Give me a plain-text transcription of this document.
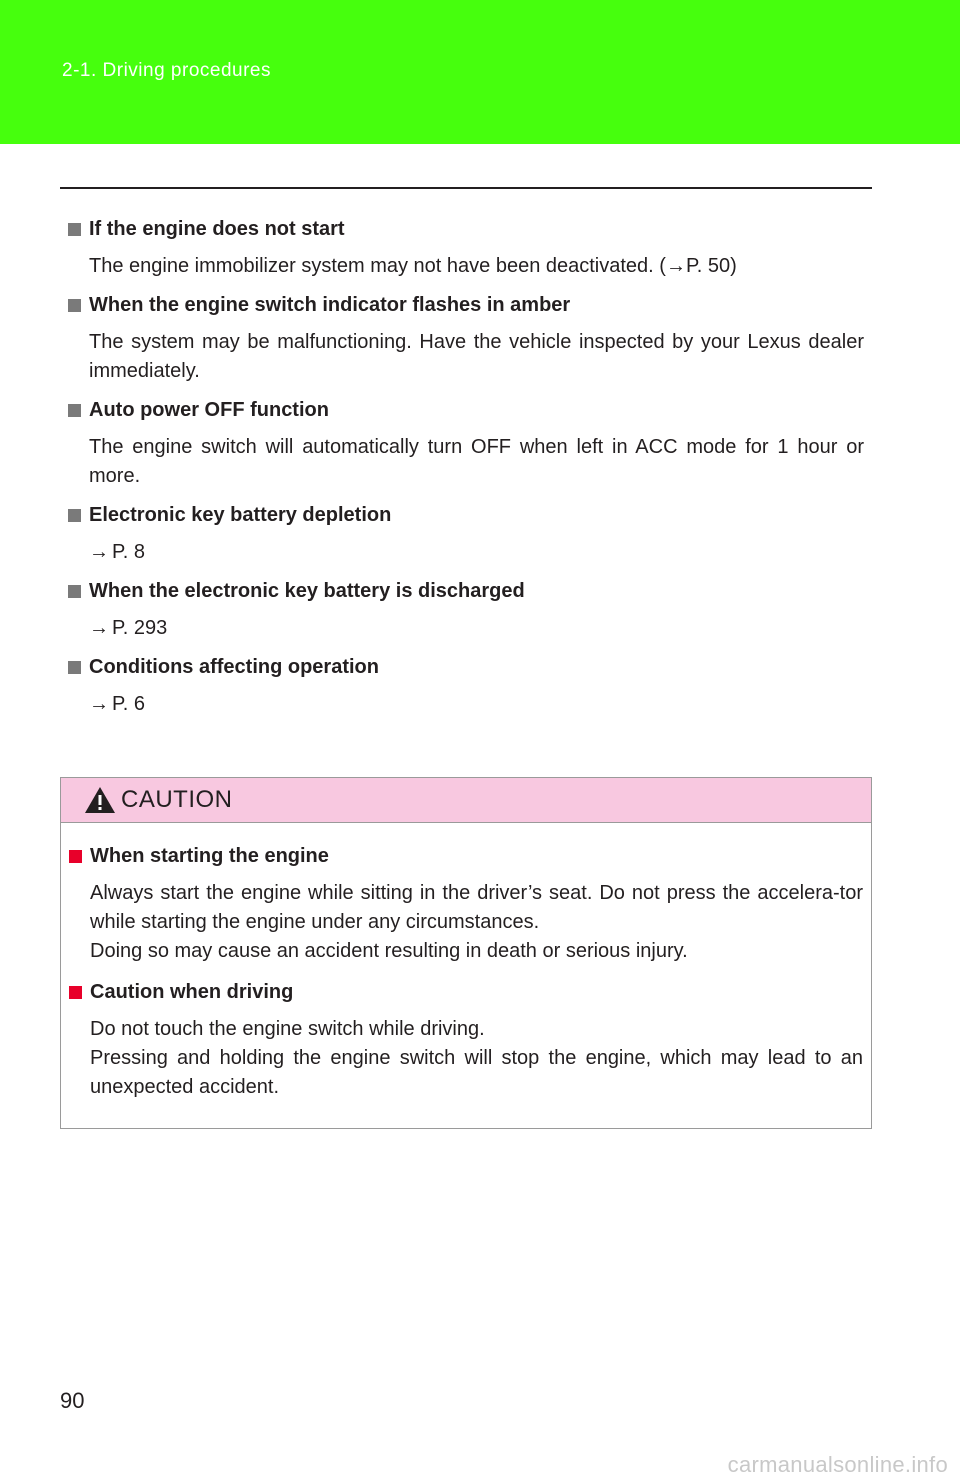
2-1. Driving procedures
If the engine does not start
The engine immobilizer system may not have been deactivated. (→P. 50)
When the engine switch indicator flashes in amber
The system may be malfunctioning. Have the vehicle inspected by your Lexus dealer immediately.
Auto power OFF function
The engine switch will automatically turn OFF when left in ACC mode for 1 hour or more.
Electronic key battery depletion
→ P. 8
When the electronic key battery is discharged
→ P. 293
Conditions affecting operation
→ P. 6
CAUTION
When starting the engine

Always start the engine while sitting in the driver’s seat. Do not press the accelera-tor while starting the engine under any circumstances.

Doing so may cause an accident resulting in death or serious injury.

Caution when driving

Do not touch the engine switch while driving.

Pressing and holding the engine switch will stop the engine, which may lead to an unexpected accident.

90
carmanualsonline.info
